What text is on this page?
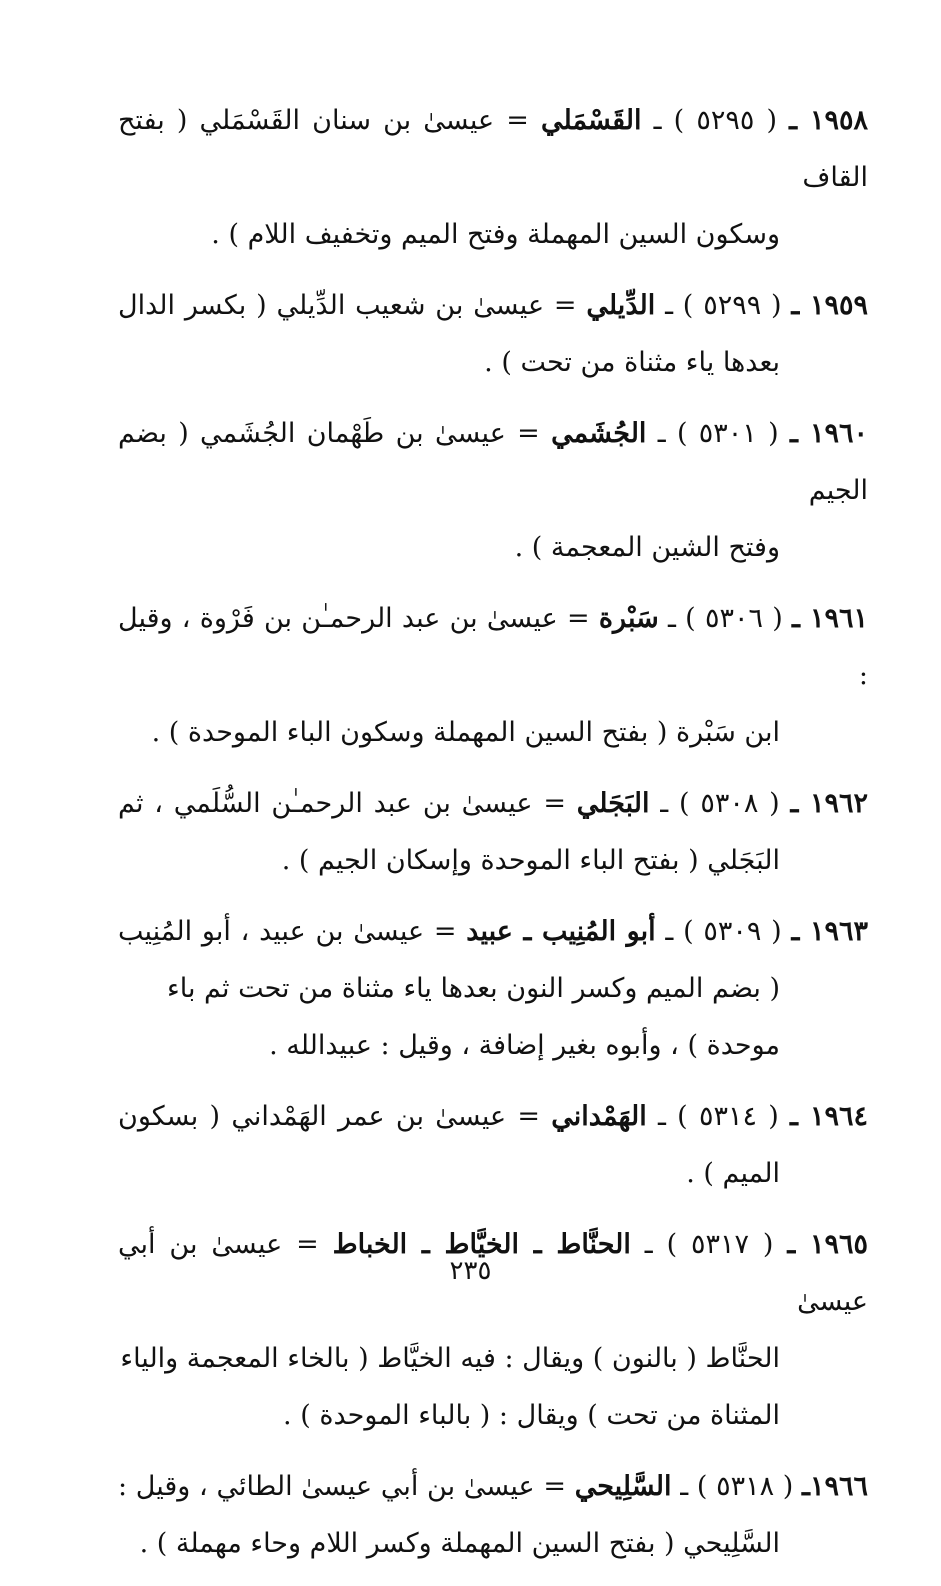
١٩٥٨ ـ ( ٥٢٩٥ ) ـ القَسْمَلي = عيسىٰ بن سنان القَسْمَلي ( بفتح القاف
وسكون السين المهملة وفتح الميم وتخفيف اللام ) .
١٩٥٩ ـ ( ٥٢٩٩ ) ـ الدِّيلي = عيسىٰ بن شعيب الدِّيلي ( بكسر الدال
بعدها ياء مثناة من تحت ) .
١٩٦٠ ـ ( ٥٣٠١ ) ـ الجُشَمي = عيسىٰ بن طَهْمان الجُشَمي ( بضم الجيم
وفتح الشين المعجمة ) .
١٩٦١ ـ ( ٥٣٠٦ ) ـ سَبْرة = عيسىٰ بن عبد الرحمـٰن بن فَرْوة ، وقيل :
ابن سَبْرة ( بفتح السين المهملة وسكون الباء الموحدة ) .
١٩٦٢ ـ ( ٥٣٠٨ ) ـ البَجَلي = عيسىٰ بن عبد الرحمـٰن السُّلَمي ، ثم
البَجَلي ( بفتح الباء الموحدة وإسكان الجيم ) .
١٩٦٣ ـ ( ٥٣٠٩ ) ـ أبو المُنِيب ـ عبيد = عيسىٰ بن عبيد ، أبو المُنِيب
( بضم الميم وكسر النون بعدها ياء مثناة من تحت ثم باء
موحدة ) ، وأبوه بغير إضافة ، وقيل : عبيدالله .
١٩٦٤ ـ ( ٥٣١٤ ) ـ الهَمْداني = عيسىٰ بن عمر الهَمْداني ( بسكون
الميم ) .
١٩٦٥ ـ ( ٥٣١٧ ) ـ الحنَّاط ـ الخيَّاط ـ الخباط = عيسىٰ بن أبي عيسىٰ
الحنَّاط ( بالنون ) ويقال : فيه الخيَّاط ( بالخاء المعجمة والياء
المثناة من تحت ) ويقال : ( بالباء الموحدة ) .
١٩٦٦ـ ( ٥٣١٨ ) ـ السَّلِيحي = عيسىٰ بن أبي عيسىٰ الطائي ، وقيل :
السَّلِيحي ( بفتح السين المهملة وكسر اللام وحاء مهملة ) .
٢٣٥
